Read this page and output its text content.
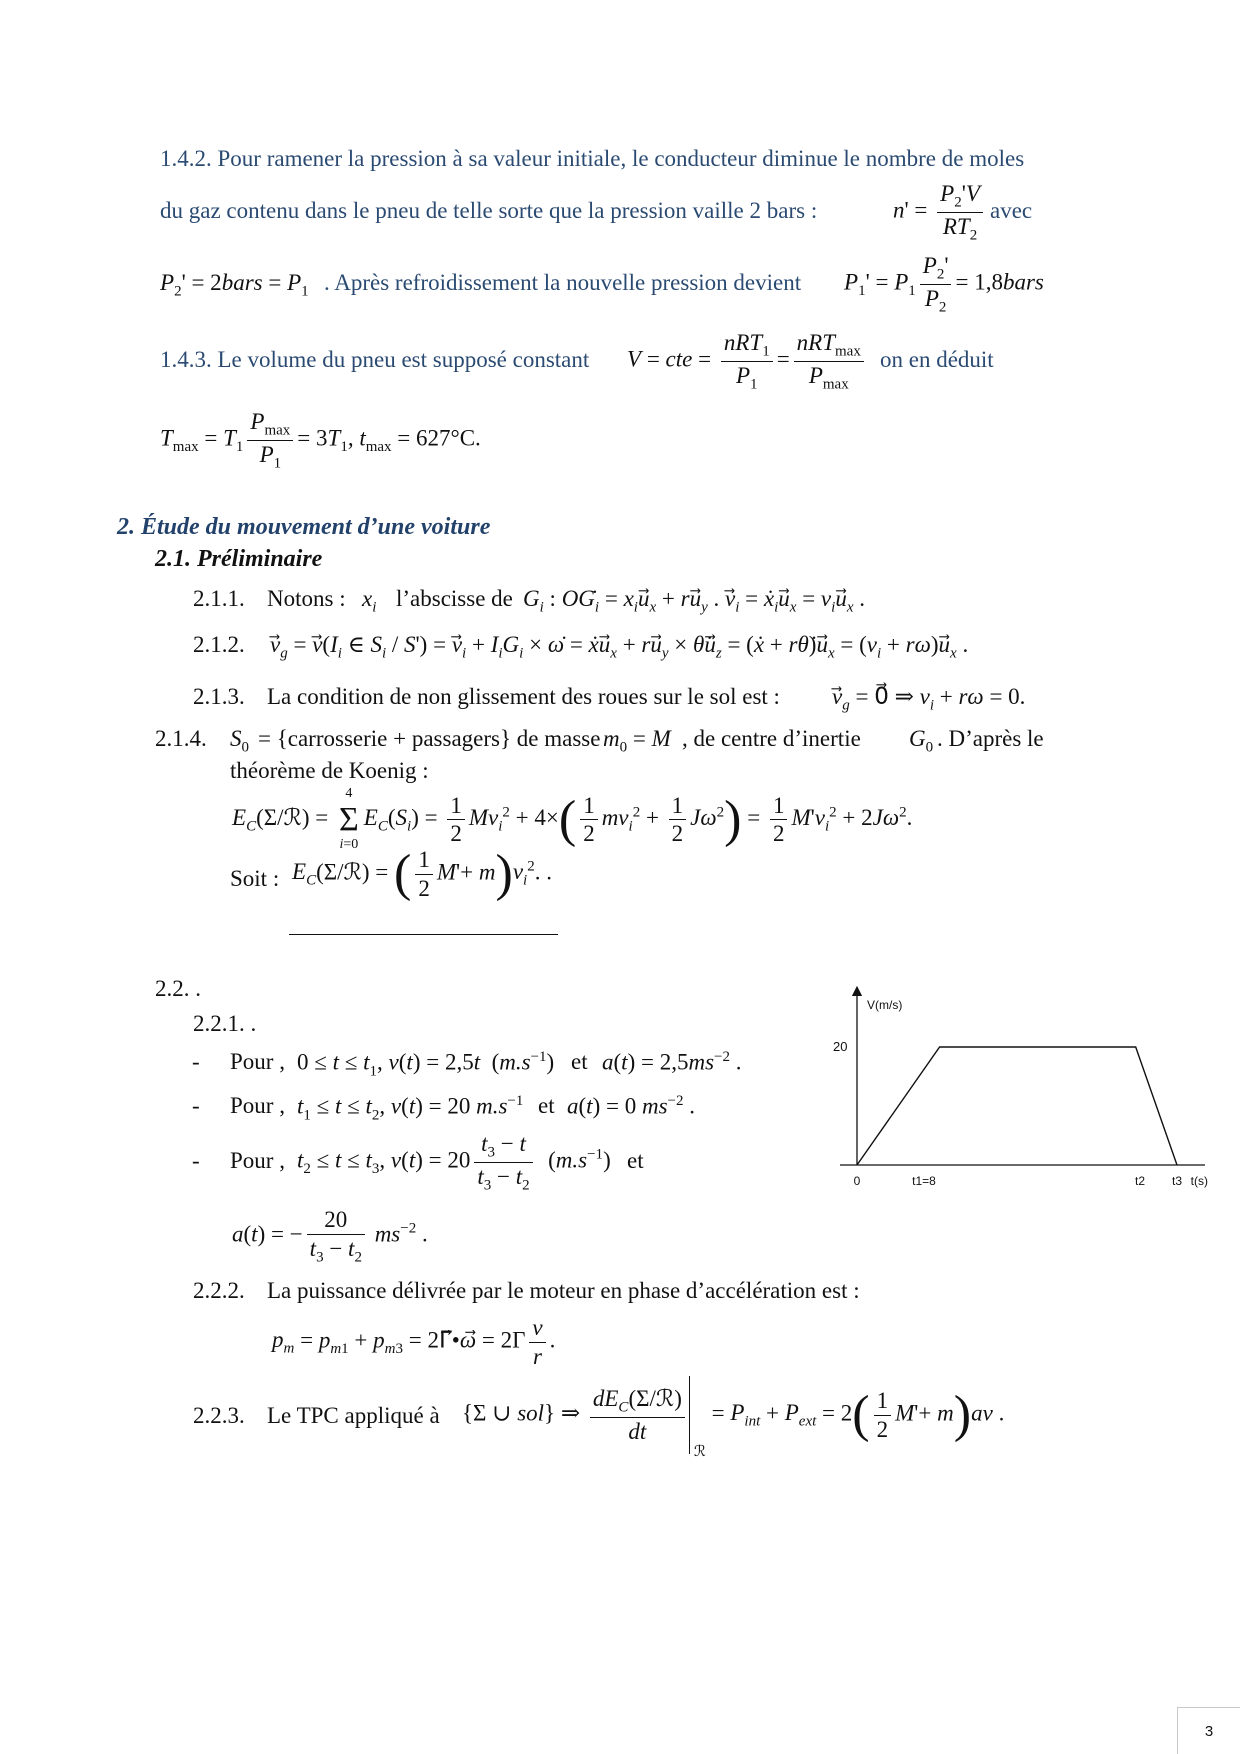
1.4.2. Pour ramener la pression à sa valeur initiale, le conducteur diminue le nombre de moles
du gaz contenu dans le pneu de telle sorte que la pression vaille 2 bars :	$n' = \frac{P_2'V}{RT_2}$ avec
$P_2'$ = 2bars = $P_1$ . Après refroidissement la nouvelle pression devient $P_1' = P_1 \frac{P_2'}{P_2}$ = 1,8bars
1.4.3. Le volume du pneu est supposé constant V = cte = $\frac{nRT_1}{P_1} = \frac{nRT_{max}}{P_{max}}$ on en déduit
$T_{max} = T_1 \frac{P_{max}}{P_1} = 3T_1$, $t_{max} = 627^\circ C$.
2. Étude du mouvement d’une voiture
2.1. Préliminaire
2.1.1. Notons : $x_i$ l’abscisse de $G_i$ : $OG_i = x_iu_x + ru_y$ . $v_i$ = $ẋ_iu_x = v_iu_x$ .
2.1.2. $v_g$ = $v⃗(I_i$ ∈ $S_i / S') = v_i + I_iG_i$ × ω̇ = ẋu$_x$ + $ru_y$ × $\thetȧu_z$ = (ẋ + $r\thetȧ)u_x = (v_i + r\omega)u_x$ .
2.1.3. La condition de non glissement des roues sur le sol est : $v_g$ = 0⃗ ⇒ $v_i + r\omega = 0$.
2.1.4. $S_0$ = {carrosserie + passagers} de masse $m_0 = M$ , de centre d’inertie $G_0$ . D’après le
théorème de Koenig :
$E_C(\Sigma/ℛ)$ =
4
Σ
i=0
$E_C(S_i) = \frac{1}{2} Mv_i^2 + 4\times( \frac{1}{2} mv_i^2 + \frac{1}{2} J\omega^2) = \frac{1}{2} M'v_i^2 + 2J\omega^2$.
Soit : $E_C(\Sigma/ℛ)$ = ( $\frac{1}{2} M'+ m)v_i^2$. .
2.2. .
2.2.1. .
- Pour , $0 \le t \le t_1$, v(t) = 2,5t  $(m.s^{-1})$ et $a(t) = 2,5ms^{-2}$ .
- Pour , $t_1 \le t \le t_2$, v(t) = 20 $m.s^{-1}$ et a(t) = 0 $ms^{-2}$ .
- Pour , $t_2 \le t \le t_3$, $v(t) = 20 \frac{t_3 - t}{t_3 - t_2} (m.s^{-1})$ et
a(t) = − $\frac{20}{t_3 - t_2} ms^{-2}$ .
2.2.2. La puissance délivrée par le moteur en phase d’accélération est :
$p_m = p_{m1} + p_{m3}$ = 2Γ⃗•ω⃗ = $2\Gamma \frac{v}{r}$ .
2.2.3. Le TPC appliqué à {Σ ∪ sol} ⇒ $\frac{dE_C(\Sigma/ℛ)}{dt}$
$_ℛ = P_{int} + P_{ext} = 2( \frac{1}{2} M'+ m)av$ .
V(m/s)
20
0	t1=8	t2 t3 t(s)
3
